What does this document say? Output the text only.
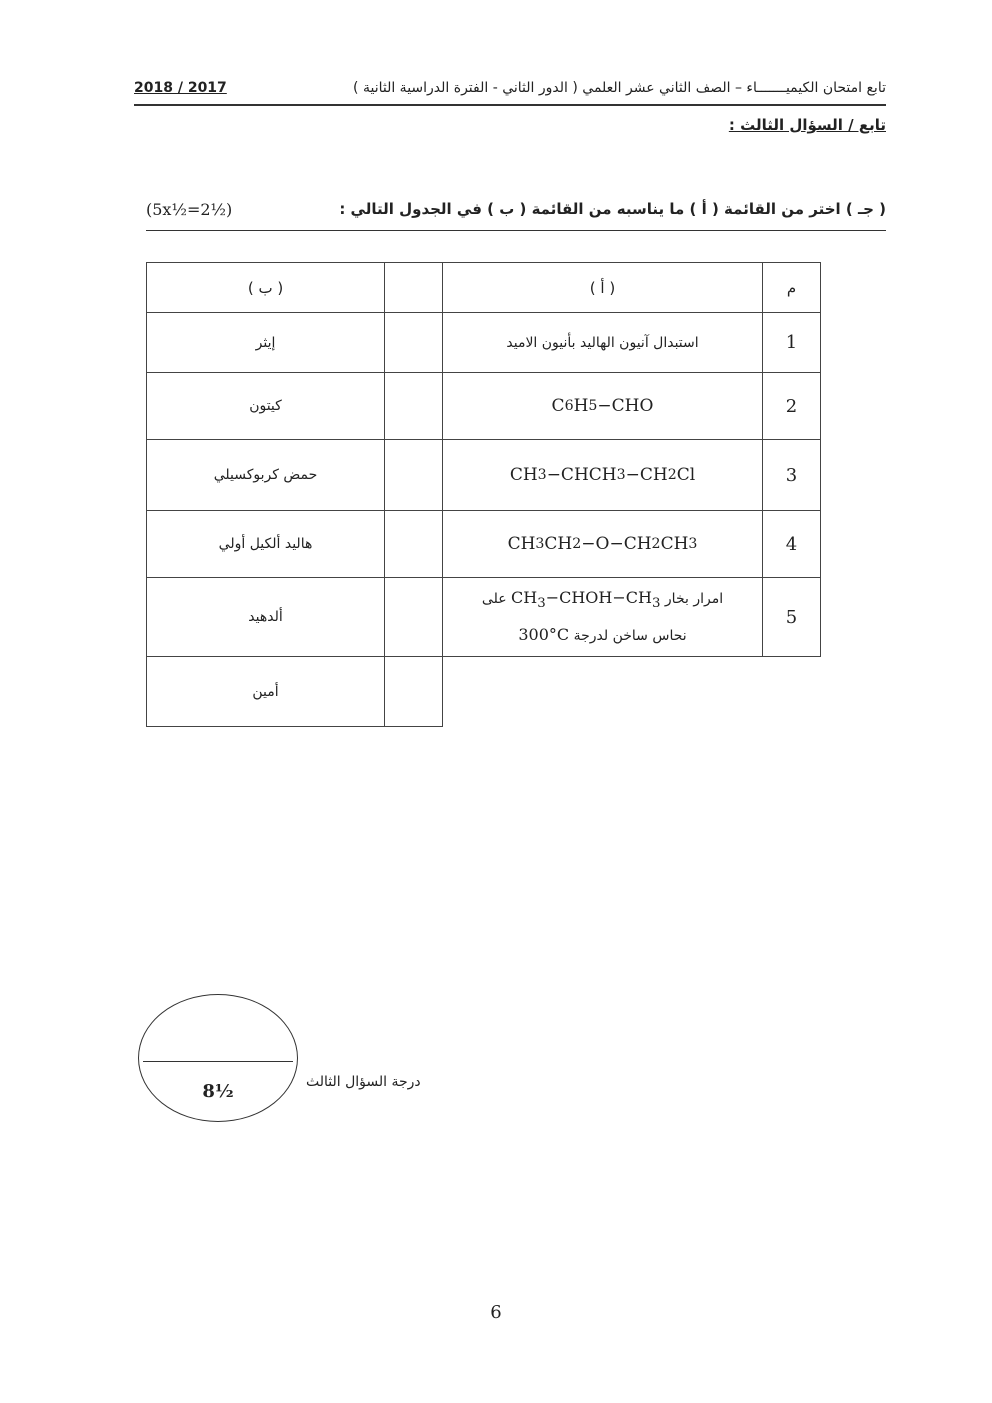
تابع امتحان الكيميـــــــاء – الصف الثاني عشر العلمي ( الدور الثاني - الفترة الدراسية الثانية )
2018 / 2017
تابع / السؤال الثالث :
( جـ ) اختر من القائمة ( أ ) ما يناسبه من القائمة ( ب ) في الجدول التالي :
(5x½=2½)
م
( أ )
1
استبدال آنيون الهاليد بأنيون الاميد
2
C 6 H 5 −CHO
3
CH 3 −CHCH 3 −CH 2 Cl
4
CH 3 CH 2 −O−CH 2 CH 3
5
امرار بخار $CH_3-CHOH-CH_3$ على
نحاس ساخن لدرجة 300°C
( ب )
إيثر
كيتون
حمض كربوكسيلي
هاليد ألكيل أولي
ألدهيد
أمين
8½	درجة السؤال الثالث
6
